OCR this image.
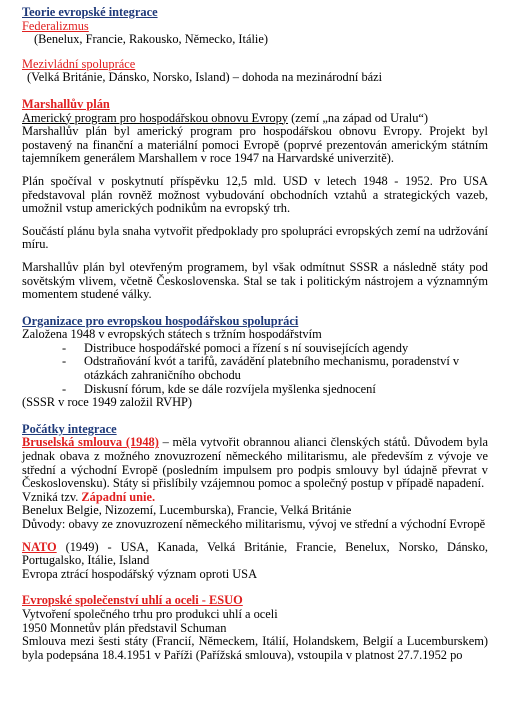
Teorie evropské integrace
Federalizmus
(Benelux, Francie, Rakousko, Německo, Itálie)
Mezivládní spolupráce
(Velká Británie, Dánsko, Norsko, Island) – dohoda na mezinárodní bázi
Marshallův plán
Americký program pro hospodářskou obnovu Evropy (zemí „na západ od Uralu“)
Marshallův plán byl americký program pro hospodářskou obnovu Evropy. Projekt byl postavený na finanční a materiální pomoci Evropě (poprvé prezentován americkým státním tajemníkem generálem Marshallem v roce 1947 na Harvardské univerzitě).
Plán spočíval v poskytnutí příspěvku 12,5 mld. USD v letech 1948 - 1952. Pro USA představoval plán rovněž možnost vybudování obchodních vztahů a strategických vazeb, umožnil vstup amerických podnikům na evropský trh.
Součástí plánu byla snaha vytvořit předpoklady pro spolupráci evropských zemí na udržování míru.
Marshallův plán byl otevřeným programem, byl však odmítnut SSSR a následně státy pod sovětským vlivem, včetně Československa. Stal se tak i politickým nástrojem a významným momentem studené války.
Organizace pro evropskou hospodářskou spolupráci
Založena 1948 v evropských státech s tržním hospodářstvím
- Distribuce hospodářské pomoci a řízení s ní souvisejících agendy
- Odstraňování kvót a tarifů, zavádění platebního mechanismu, poradenství v otázkách zahraničního obchodu
- Diskusní fórum, kde se dále rozvíjela myšlenka sjednocení
(SSSR v roce 1949 založil RVHP)
Počátky integrace
Bruselská smlouva (1948) – měla vytvořit obrannou alianci členských států. Důvodem byla jednak obava z možného znovuzrození německého militarismu, ale především z vývoje ve střední a východní Evropě (posledním impulsem pro podpis smlouvy byl údajně převrat v Československu). Státy si přislíbily vzájemnou pomoc a společný postup v případě napadení.
Vzniká tzv. Západní unie.
Benelux Belgie, Nizozemí, Lucemburska), Francie, Velká Británie
Důvody: obavy ze znovuzrození německého militarismu, vývoj ve střední a východní Evropě
NATO (1949) - USA, Kanada, Velká Británie, Francie, Benelux, Norsko, Dánsko, Portugalsko, Itálie, Island
Evropa ztrácí hospodářský význam oproti USA
Evropské společenství uhlí a oceli - ESUO
Vytvoření společného trhu pro produkci uhlí a oceli
1950 Monnetův plán představil Schuman
Smlouva mezi šesti státy (Francií, Německem, Itálií, Holandskem, Belgií a Lucemburskem) byla podepsána 18.4.1951 v Paříži (Pařížská smlouva), vstoupila v platnost 27.7.1952 po
